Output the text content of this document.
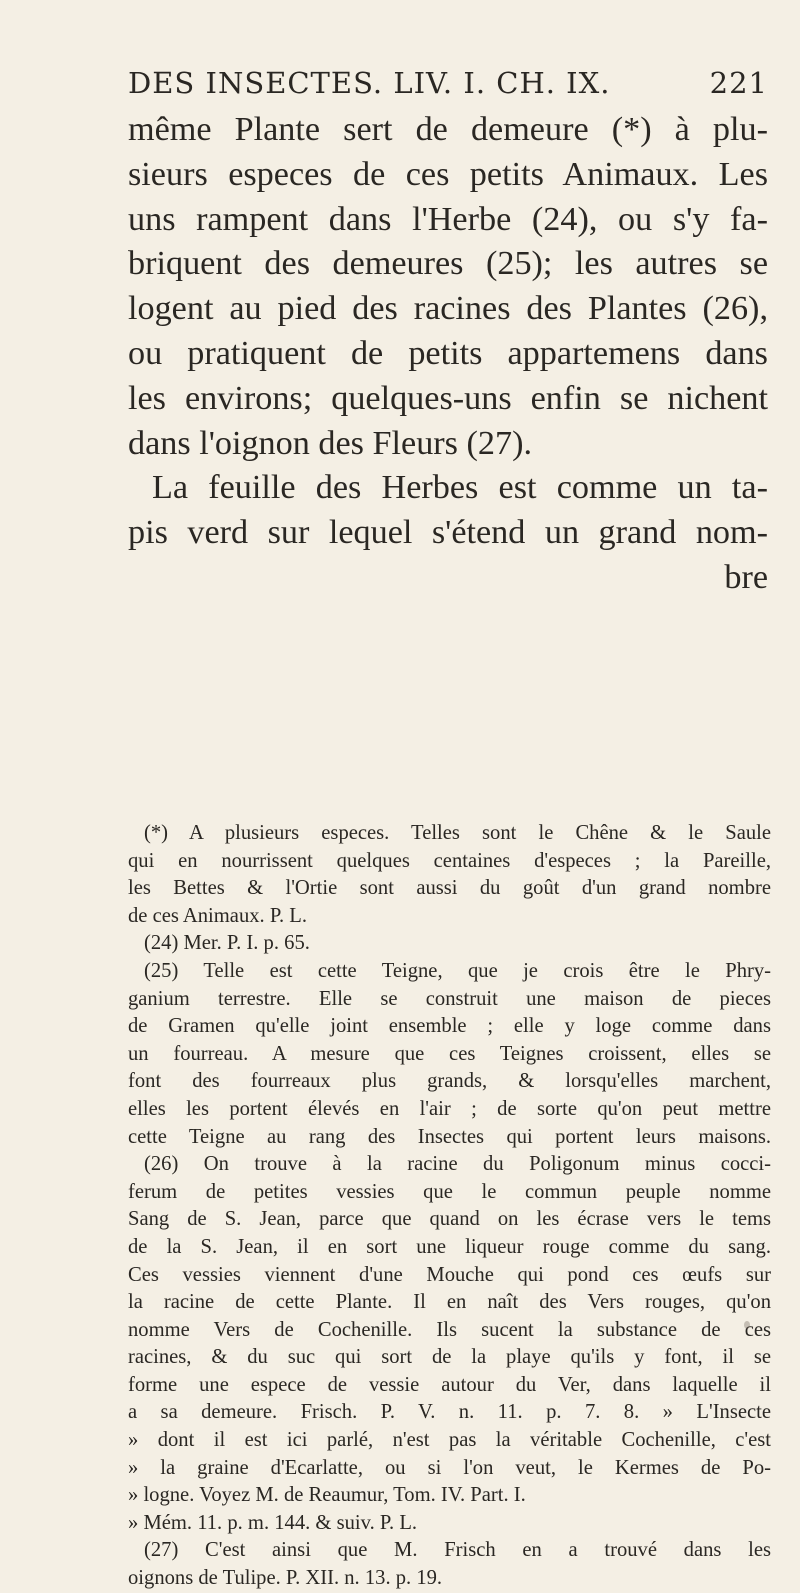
DES INSECTES. LIV. I. CH. IX.	221
même Plante sert de demeure (*) à plu-
sieurs especes de ces petits Animaux. Les
uns rampent dans l'Herbe (24), ou s'y fa-
briquent des demeures (25); les autres se
logent au pied des racines des Plantes (26),
ou pratiquent de petits appartemens dans
les environs; quelques-uns enfin se nichent
dans l'oignon des Fleurs (27).
La feuille des Herbes est comme un ta-
pis verd sur lequel s'étend un grand nom-
bre
(*) A plusieurs especes. Telles sont le Chêne & le Saule
qui en nourrissent quelques centaines d'especes ; la Pareille,
les Bettes & l'Ortie sont aussi du goût d'un grand nombre
de ces Animaux. P. L.
(24) Mer. P. I. p. 65.
(25) Telle est cette Teigne, que je crois être le Phry-
ganium terrestre. Elle se construit une maison de pieces
de Gramen qu'elle joint ensemble ; elle y loge comme dans
un fourreau. A mesure que ces Teignes croissent, elles se
font des fourreaux plus grands, & lorsqu'elles marchent,
elles les portent élevés en l'air ; de sorte qu'on peut mettre
cette Teigne au rang des Insectes qui portent leurs maisons.
(26) On trouve à la racine du Poligonum minus cocci-
ferum de petites vessies que le commun peuple nomme
Sang de S. Jean, parce que quand on les écrase vers le tems
de la S. Jean, il en sort une liqueur rouge comme du sang.
Ces vessies viennent d'une Mouche qui pond ces œufs sur
la racine de cette Plante. Il en naît des Vers rouges, qu'on
nomme Vers de Cochenille. Ils sucent la substance de ces
racines, & du suc qui sort de la playe qu'ils y font, il se
forme une espece de vessie autour du Ver, dans laquelle il
a sa demeure. Frisch. P. V. n. 11. p. 7. 8. » L'Insecte
» dont il est ici parlé, n'est pas la véritable Cochenille, c'est
» la graine d'Ecarlatte, ou si l'on veut, le Kermes de Po-
» logne. Voyez M. de Reaumur, Tom. IV. Part. I.
» Mém. 11. p. m. 144. & suiv. P. L.
(27) C'est ainsi que M. Frisch en a trouvé dans les
oignons de Tulipe. P. XII. n. 13. p. 19.
